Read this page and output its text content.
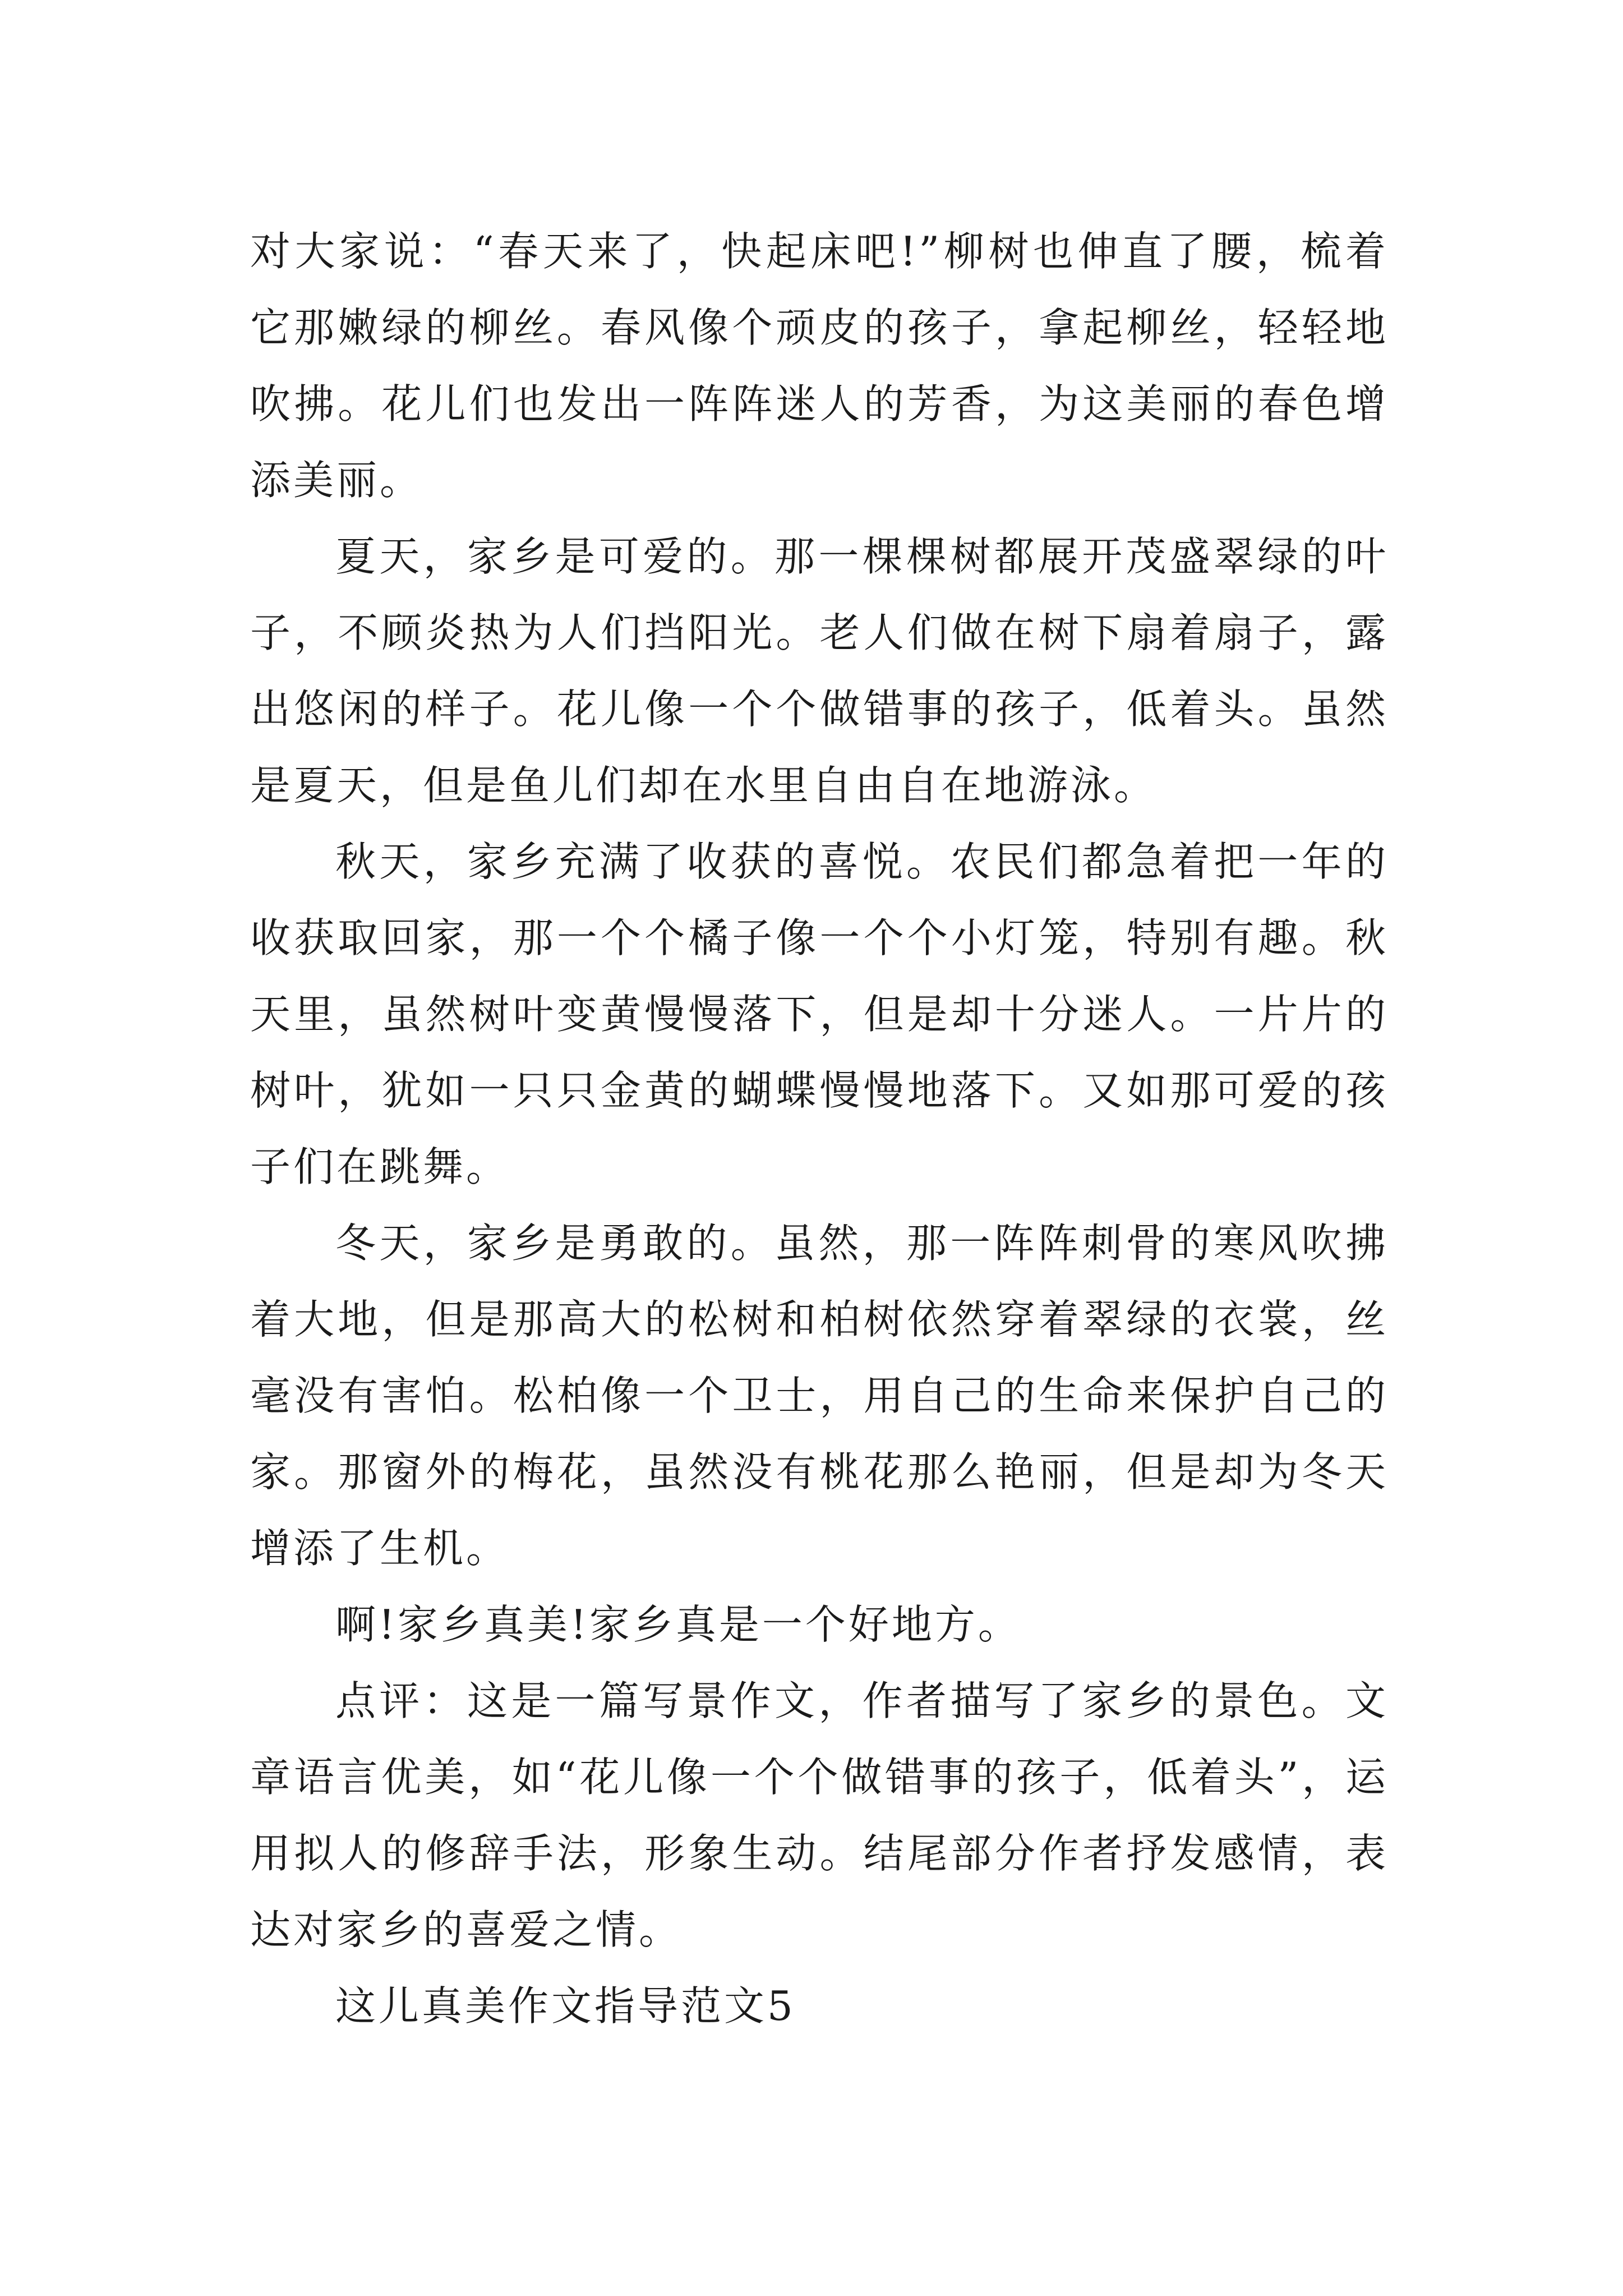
对大家说：“春天来了，快起床吧!”柳树也伸直了腰，梳着它那嫩绿的柳丝。春风像个顽皮的孩子，拿起柳丝，轻轻地吹拂。花儿们也发出一阵阵迷人的芳香，为这美丽的春色增添美丽。

夏天，家乡是可爱的。那一棵棵树都展开茂盛翠绿的叶子，不顾炎热为人们挡阳光。老人们做在树下扇着扇子，露出悠闲的样子。花儿像一个个做错事的孩子，低着头。虽然是夏天，但是鱼儿们却在水里自由自在地游泳。

秋天，家乡充满了收获的喜悦。农民们都急着把一年的收获取回家，那一个个橘子像一个个小灯笼，特别有趣。秋天里，虽然树叶变黄慢慢落下，但是却十分迷人。一片片的树叶，犹如一只只金黄的蝴蝶慢慢地落下。又如那可爱的孩子们在跳舞。

冬天，家乡是勇敢的。虽然，那一阵阵刺骨的寒风吹拂着大地，但是那高大的松树和柏树依然穿着翠绿的衣裳，丝毫没有害怕。松柏像一个卫士，用自己的生命来保护自己的家。那窗外的梅花，虽然没有桃花那么艳丽，但是却为冬天增添了生机。

啊!家乡真美!家乡真是一个好地方。

点评：这是一篇写景作文，作者描写了家乡的景色。文章语言优美，如“花儿像一个个做错事的孩子，低着头”，运用拟人的修辞手法，形象生动。结尾部分作者抒发感情，表达对家乡的喜爱之情。

这儿真美作文指导范文5
